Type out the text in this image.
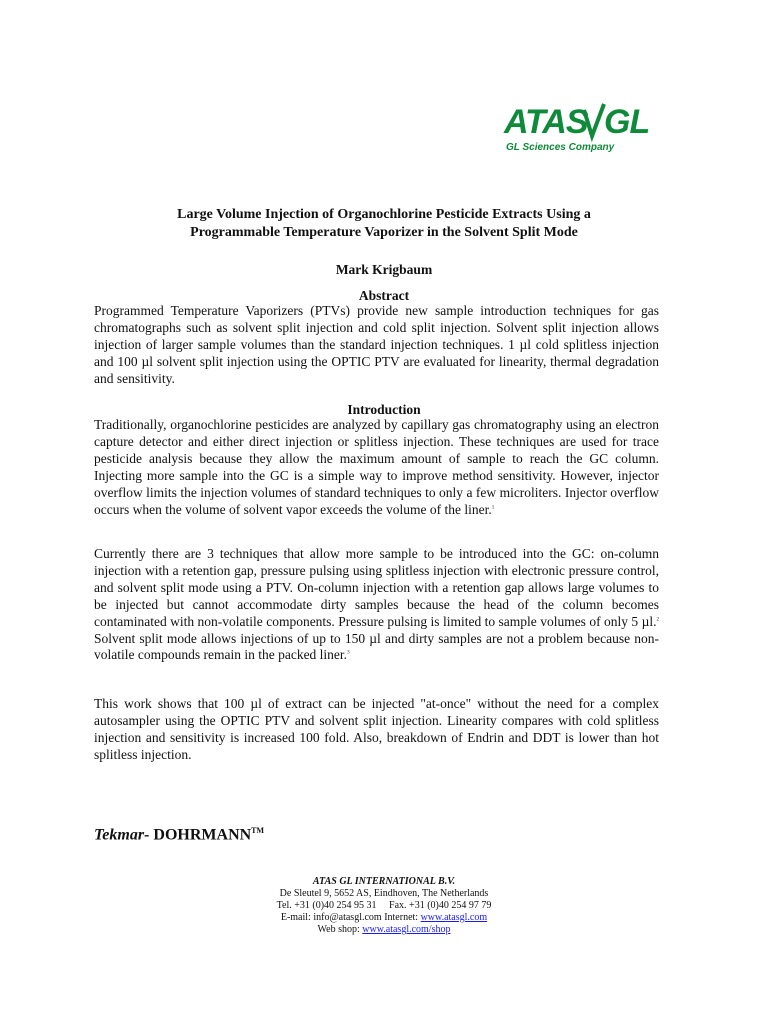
ATAS GL
GL Sciences Company
Large Volume Injection of Organochlorine Pesticide Extracts Using a
Programmable Temperature Vaporizer in the Solvent Split Mode
Mark Krigbaum
Abstract

Programmed Temperature Vaporizers (PTVs) provide new sample introduction techniques for gas chromatographs such as solvent split injection and cold split injection. Solvent split injection allows injection of larger sample volumes than the standard injection techniques. 1 µl cold splitless injection and 100 µl solvent split injection using the OPTIC PTV are evaluated for linearity, thermal degradation and sensitivity.

Introduction

Traditionally, organochlorine pesticides are analyzed by capillary gas chromatography using an electron capture detector and either direct injection or splitless injection. These techniques are used for trace pesticide analysis because they allow the maximum amount of sample to reach the GC column. Injecting more sample into the GC is a simple way to improve method sensitivity. However, injector overflow limits the injection volumes of standard techniques to only a few microliters. Injector overflow occurs when the volume of solvent vapor exceeds the volume of the liner.$^1$

Currently there are 3 techniques that allow more sample to be introduced into the GC: on-column injection with a retention gap, pressure pulsing using splitless injection with electronic pressure control, and solvent split mode using a PTV. On-column injection with a retention gap allows large volumes to be injected but cannot accommodate dirty samples because the head of the column becomes contaminated with non-volatile components. Pressure pulsing is limited to sample volumes of only 5 µl.$^2$ Solvent split mode allows injections of up to 150 µl and dirty samples are not a problem because non-volatile compounds remain in the packed liner.$^3$

This work shows that 100 µl of extract can be injected "at-once" without the need for a complex autosampler using the OPTIC PTV and solvent split injection. Linearity compares with cold splitless injection and sensitivity is increased 100 fold. Also, breakdown of Endrin and DDT is lower than hot splitless injection.

Tekmar- DOHRMANN™
ATAS GL INTERNATIONAL B.V.
De Sleutel 9, 5652 AS, Eindhoven, The Netherlands
Tel. +31 (0)40 254 95 31     Fax. +31 (0)40 254 97 79
E-mail: info@atasgl.com Internet: www.atasgl.com
Web shop: www.atasgl.com/shop
